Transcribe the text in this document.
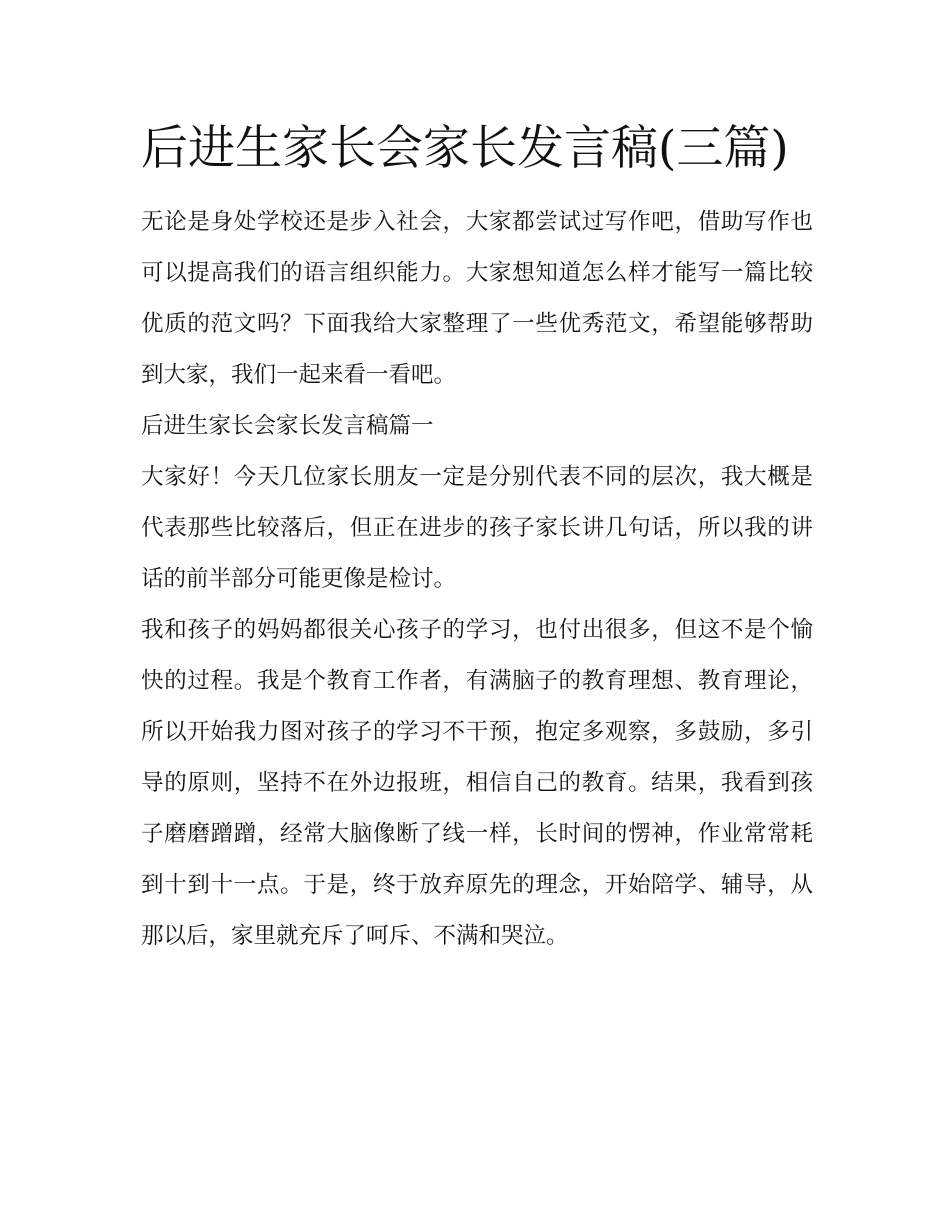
后进生家长会家长发言稿(三篇)

无论是身处学校还是步入社会，大家都尝试过写作吧，借助写作也可以提高我们的语言组织能力。大家想知道怎么样才能写一篇比较优质的范文吗？下面我给大家整理了一些优秀范文，希望能够帮助到大家，我们一起来看一看吧。

后进生家长会家长发言稿篇一

大家好！今天几位家长朋友一定是分别代表不同的层次，我大概是代表那些比较落后，但正在进步的孩子家长讲几句话，所以我的讲话的前半部分可能更像是检讨。

我和孩子的妈妈都很关心孩子的学习，也付出很多，但这不是个愉快的过程。我是个教育工作者，有满脑子的教育理想、教育理论，所以开始我力图对孩子的学习不干预，抱定多观察，多鼓励，多引导的原则，坚持不在外边报班，相信自己的教育。结果，我看到孩子磨磨蹭蹭，经常大脑像断了线一样，长时间的愣神，作业常常耗到十到十一点。于是，终于放弃原先的理念，开始陪学、辅导，从那以后，家里就充斥了呵斥、不满和哭泣。
